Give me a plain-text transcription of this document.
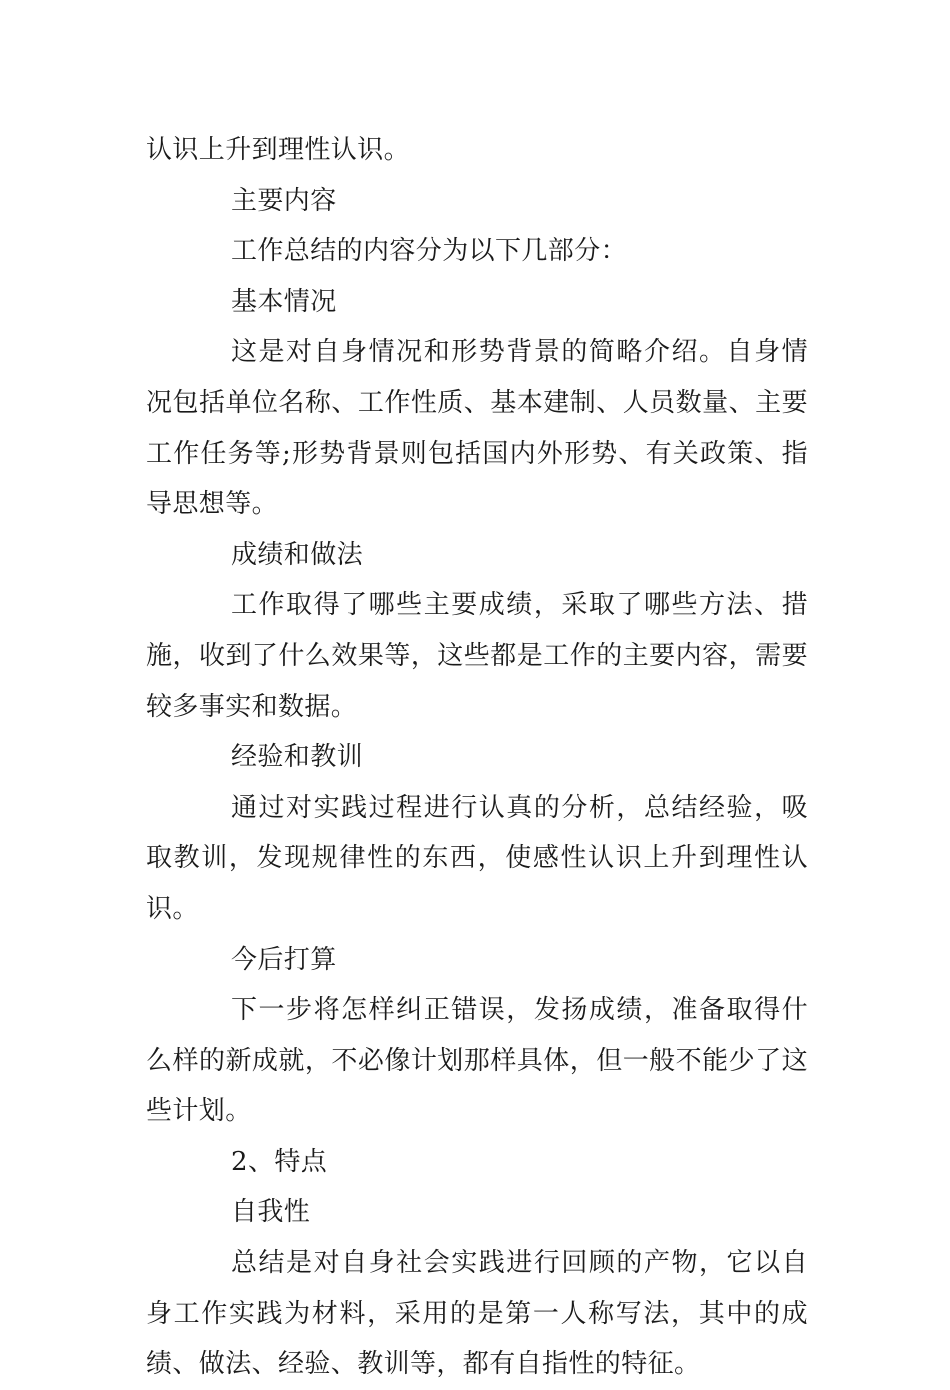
认识上升到理性认识。

主要内容

工作总结的内容分为以下几部分：

基本情况

这是对自身情况和形势背景的简略介绍。自身情况包括单位名称、工作性质、基本建制、人员数量、主要工作任务等;形势背景则包括国内外形势、有关政策、指导思想等。

成绩和做法

工作取得了哪些主要成绩，采取了哪些方法、措施，收到了什么效果等，这些都是工作的主要内容，需要较多事实和数据。

经验和教训

通过对实践过程进行认真的分析，总结经验，吸取教训，发现规律性的东西，使感性认识上升到理性认识。

今后打算

下一步将怎样纠正错误，发扬成绩，准备取得什么样的新成就，不必像计划那样具体，但一般不能少了这些计划。

2、特点

自我性

总结是对自身社会实践进行回顾的产物，它以自身工作实践为材料，采用的是第一人称写法，其中的成绩、做法、经验、教训等，都有自指性的特征。
